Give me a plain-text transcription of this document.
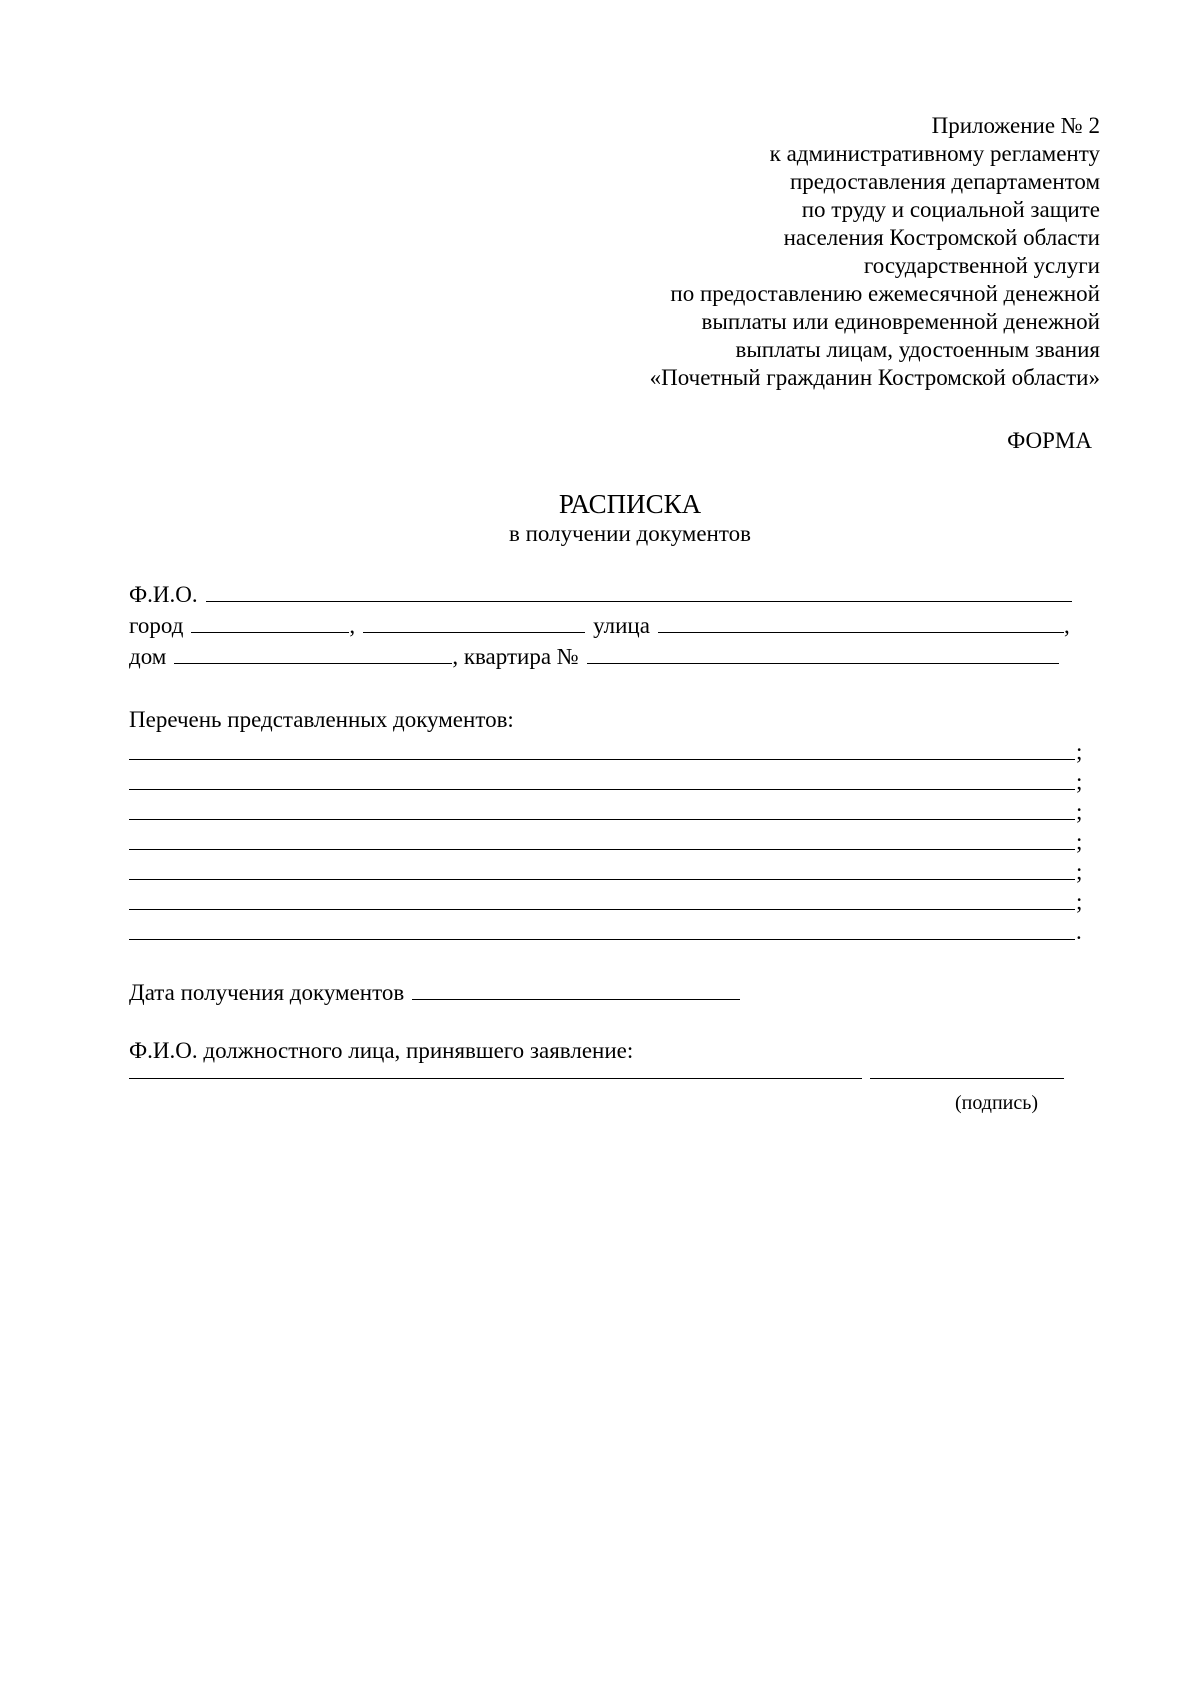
Приложение № 2
к административному регламенту
предоставления департаментом
по труду и социальной защите
населения Костромской области
государственной услуги
по предоставлению ежемесячной денежной
выплаты или единовременной денежной
выплаты лицам, удостоенным звания
«Почетный гражданин Костромской области»
ФОРМА
РАСПИСКА
в получении документов
Ф.И.О.
город	,	улица	,
дом	, квартира №
Перечень представленных документов:
;
;
;
;
;
;
.
Дата получения документов
Ф.И.О. должностного лица, принявшего заявление:
(подпись)
